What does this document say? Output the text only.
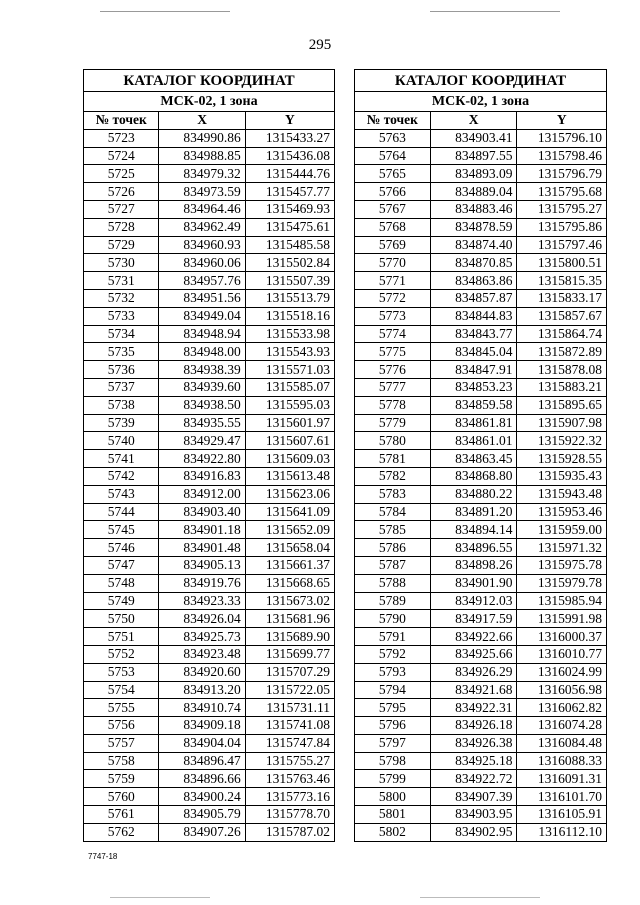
295
КАТАЛОГ КООРДИНАТ		
МСК-02, 1 зона		
№ точек	X	Y
5723	834990.86	1315433.27
5724	834988.85	1315436.08
5725	834979.32	1315444.76
5726	834973.59	1315457.77
5727	834964.46	1315469.93
5728	834962.49	1315475.61
5729	834960.93	1315485.58
5730	834960.06	1315502.84
5731	834957.76	1315507.39
5732	834951.56	1315513.79
5733	834949.04	1315518.16
5734	834948.94	1315533.98
5735	834948.00	1315543.93
5736	834938.39	1315571.03
5737	834939.60	1315585.07
5738	834938.50	1315595.03
5739	834935.55	1315601.97
5740	834929.47	1315607.61
5741	834922.80	1315609.03
5742	834916.83	1315613.48
5743	834912.00	1315623.06
5744	834903.40	1315641.09
5745	834901.18	1315652.09
5746	834901.48	1315658.04
5747	834905.13	1315661.37
5748	834919.76	1315668.65
5749	834923.33	1315673.02
5750	834926.04	1315681.96
5751	834925.73	1315689.90
5752	834923.48	1315699.77
5753	834920.60	1315707.29
5754	834913.20	1315722.05
5755	834910.74	1315731.11
5756	834909.18	1315741.08
5757	834904.04	1315747.84
5758	834896.47	1315755.27
5759	834896.66	1315763.46
5760	834900.24	1315773.16
5761	834905.79	1315778.70
5762	834907.26	1315787.02
КАТАЛОГ КООРДИНАТ		
МСК-02, 1 зона		
№ точек	X	Y
5763	834903.41	1315796.10
5764	834897.55	1315798.46
5765	834893.09	1315796.79
5766	834889.04	1315795.68
5767	834883.46	1315795.27
5768	834878.59	1315795.86
5769	834874.40	1315797.46
5770	834870.85	1315800.51
5771	834863.86	1315815.35
5772	834857.87	1315833.17
5773	834844.83	1315857.67
5774	834843.77	1315864.74
5775	834845.04	1315872.89
5776	834847.91	1315878.08
5777	834853.23	1315883.21
5778	834859.58	1315895.65
5779	834861.81	1315907.98
5780	834861.01	1315922.32
5781	834863.45	1315928.55
5782	834868.80	1315935.43
5783	834880.22	1315943.48
5784	834891.20	1315953.46
5785	834894.14	1315959.00
5786	834896.55	1315971.32
5787	834898.26	1315975.78
5788	834901.90	1315979.78
5789	834912.03	1315985.94
5790	834917.59	1315991.98
5791	834922.66	1316000.37
5792	834925.66	1316010.77
5793	834926.29	1316024.99
5794	834921.68	1316056.98
5795	834922.31	1316062.82
5796	834926.18	1316074.28
5797	834926.38	1316084.48
5798	834925.18	1316088.33
5799	834922.72	1316091.31
5800	834907.39	1316101.70
5801	834903.95	1316105.91
5802	834902.95	1316112.10
7747-18
